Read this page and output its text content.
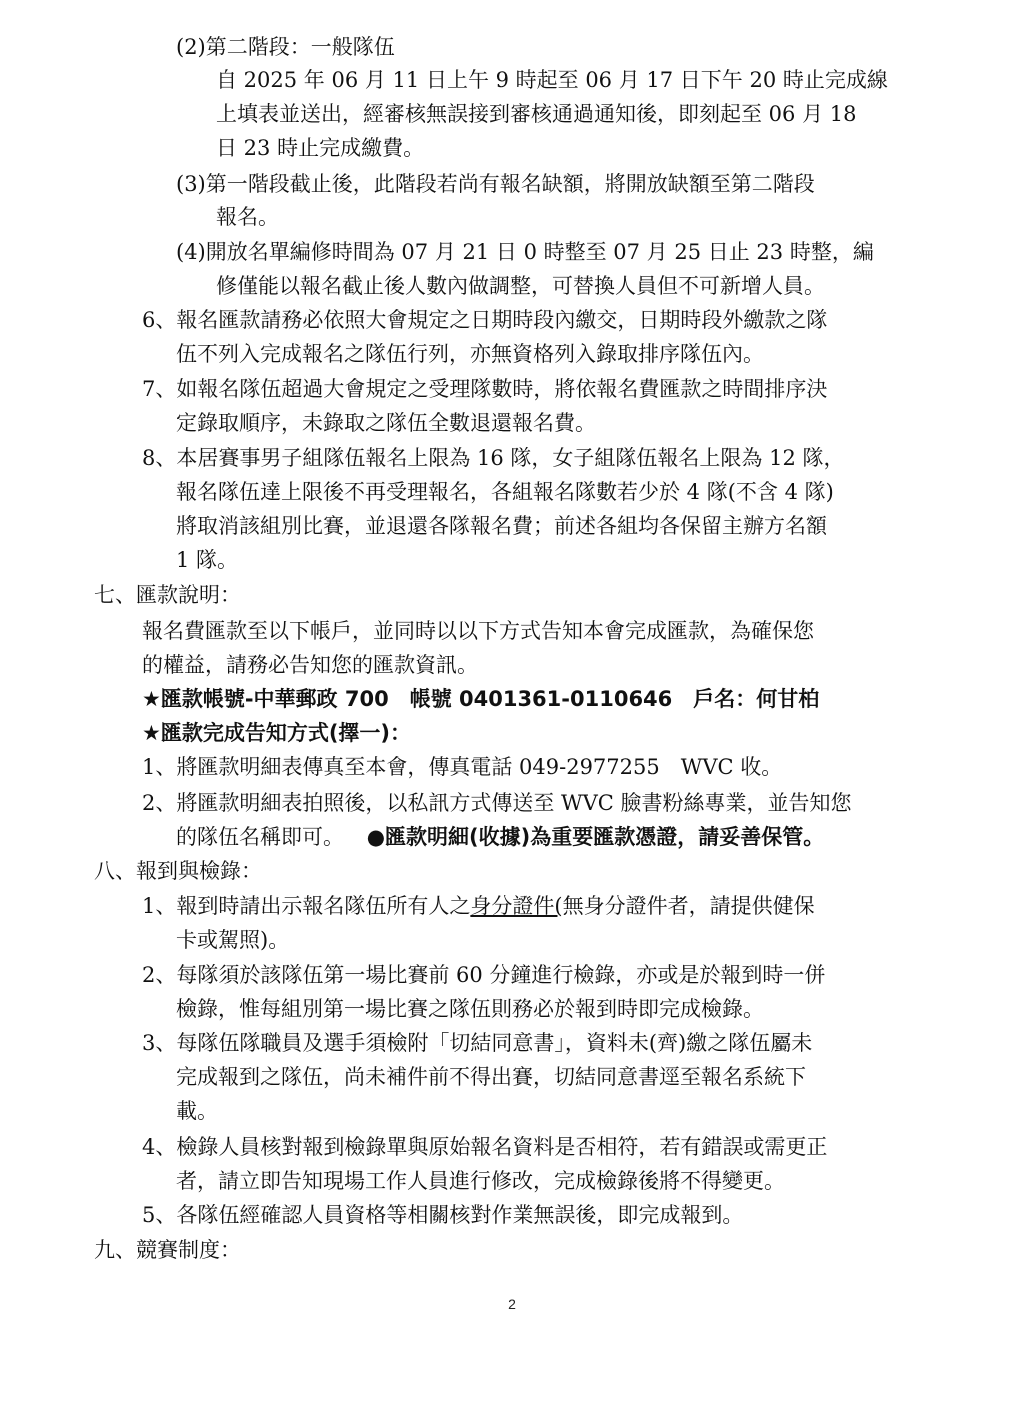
(2)第二階段：一般隊伍
自 2025 年 06 月 11 日上午 9 時起至 06 月 17 日下午 20 時止完成線
上填表並送出，經審核無誤接到審核通過通知後，即刻起至 06 月 18
日 23 時止完成繳費。
(3)第一階段截止後，此階段若尚有報名缺額，將開放缺額至第二階段
報名。
(4)開放名單編修時間為 07 月 21 日 0 時整至 07 月 25 日止 23 時整，編
修僅能以報名截止後人數內做調整，可替換人員但不可新增人員。
6、報名匯款請務必依照大會規定之日期時段內繳交，日期時段外繳款之隊
伍不列入完成報名之隊伍行列，亦無資格列入錄取排序隊伍內。
7、如報名隊伍超過大會規定之受理隊數時，將依報名費匯款之時間排序決
定錄取順序，未錄取之隊伍全數退還報名費。
8、本居賽事男子組隊伍報名上限為 16 隊，女子組隊伍報名上限為 12 隊，
報名隊伍達上限後不再受理報名，各組報名隊數若少於 4 隊(不含 4 隊)
將取消該組別比賽，並退還各隊報名費；前述各組均各保留主辦方名額
1 隊。
七、匯款說明：
報名費匯款至以下帳戶，並同時以以下方式告知本會完成匯款，為確保您
的權益，請務必告知您的匯款資訊。
★匯款帳號-中華郵政 700　帳號 0401361-0110646　戶名：何甘柏
★匯款完成告知方式(擇一)：
1、將匯款明細表傳真至本會，傳真電話 049-2977255　WVC 收。
2、將匯款明細表拍照後，以私訊方式傳送至 WVC 臉書粉絲專業，並告知您
的隊伍名稱即可。 ●匯款明細(收據)為重要匯款憑證，請妥善保管。
八、報到與檢錄：
1、報到時請出示報名隊伍所有人之身分證件(無身分證件者，請提供健保
卡或駕照)。
2、每隊須於該隊伍第一場比賽前 60 分鐘進行檢錄，亦或是於報到時一併
檢錄，惟每組別第一場比賽之隊伍則務必於報到時即完成檢錄。
3、每隊伍隊職員及選手須檢附「切結同意書」，資料未(齊)繳之隊伍屬未
完成報到之隊伍，尚未補件前不得出賽，切結同意書逕至報名系統下
載。
4、檢錄人員核對報到檢錄單與原始報名資料是否相符，若有錯誤或需更正
者，請立即告知現場工作人員進行修改，完成檢錄後將不得變更。
5、各隊伍經確認人員資格等相關核對作業無誤後，即完成報到。
九、競賽制度：
2
